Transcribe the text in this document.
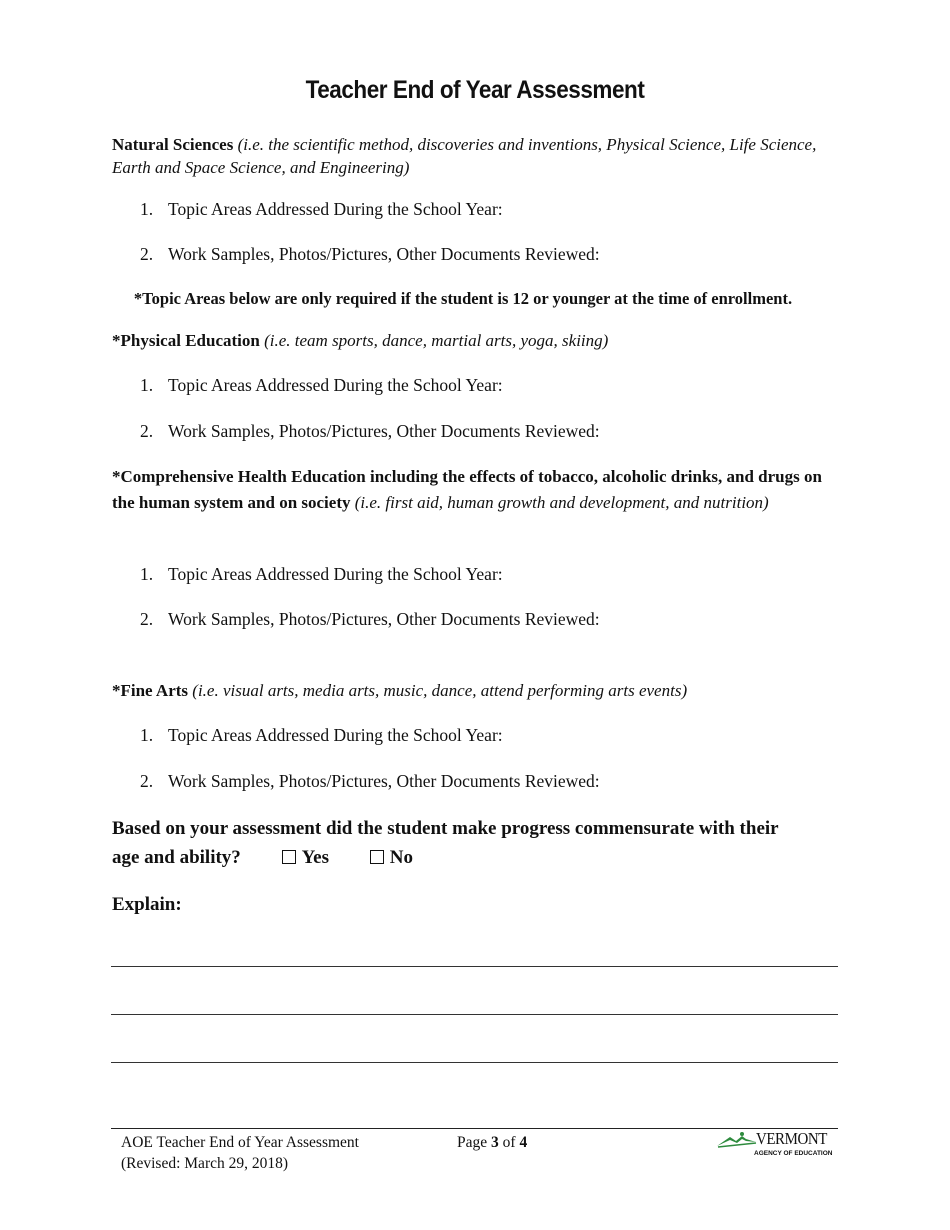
Teacher End of Year Assessment
Natural Sciences (i.e. the scientific method, discoveries and inventions, Physical Science, Life Science, Earth and Space Science, and Engineering)
1. Topic Areas Addressed During the School Year:
2. Work Samples, Photos/Pictures, Other Documents Reviewed:
*Topic Areas below are only required if the student is 12 or younger at the time of enrollment.
*Physical Education (i.e. team sports, dance, martial arts, yoga, skiing)
1. Topic Areas Addressed During the School Year:
2. Work Samples, Photos/Pictures, Other Documents Reviewed:
*Comprehensive Health Education including the effects of tobacco, alcoholic drinks, and drugs on the human system and on society (i.e. first aid, human growth and development, and nutrition)
1. Topic Areas Addressed During the School Year:
2. Work Samples, Photos/Pictures, Other Documents Reviewed:
*Fine Arts (i.e. visual arts, media arts, music, dance, attend performing arts events)
1. Topic Areas Addressed During the School Year:
2. Work Samples, Photos/Pictures, Other Documents Reviewed:
Based on your assessment did the student make progress commensurate with their
age and ability?	Yes	No
Explain:
AOE Teacher End of Year Assessment
(Revised: March 29, 2018)
Page 3 of 4	VERMONT
AGENCY OF EDUCATION
